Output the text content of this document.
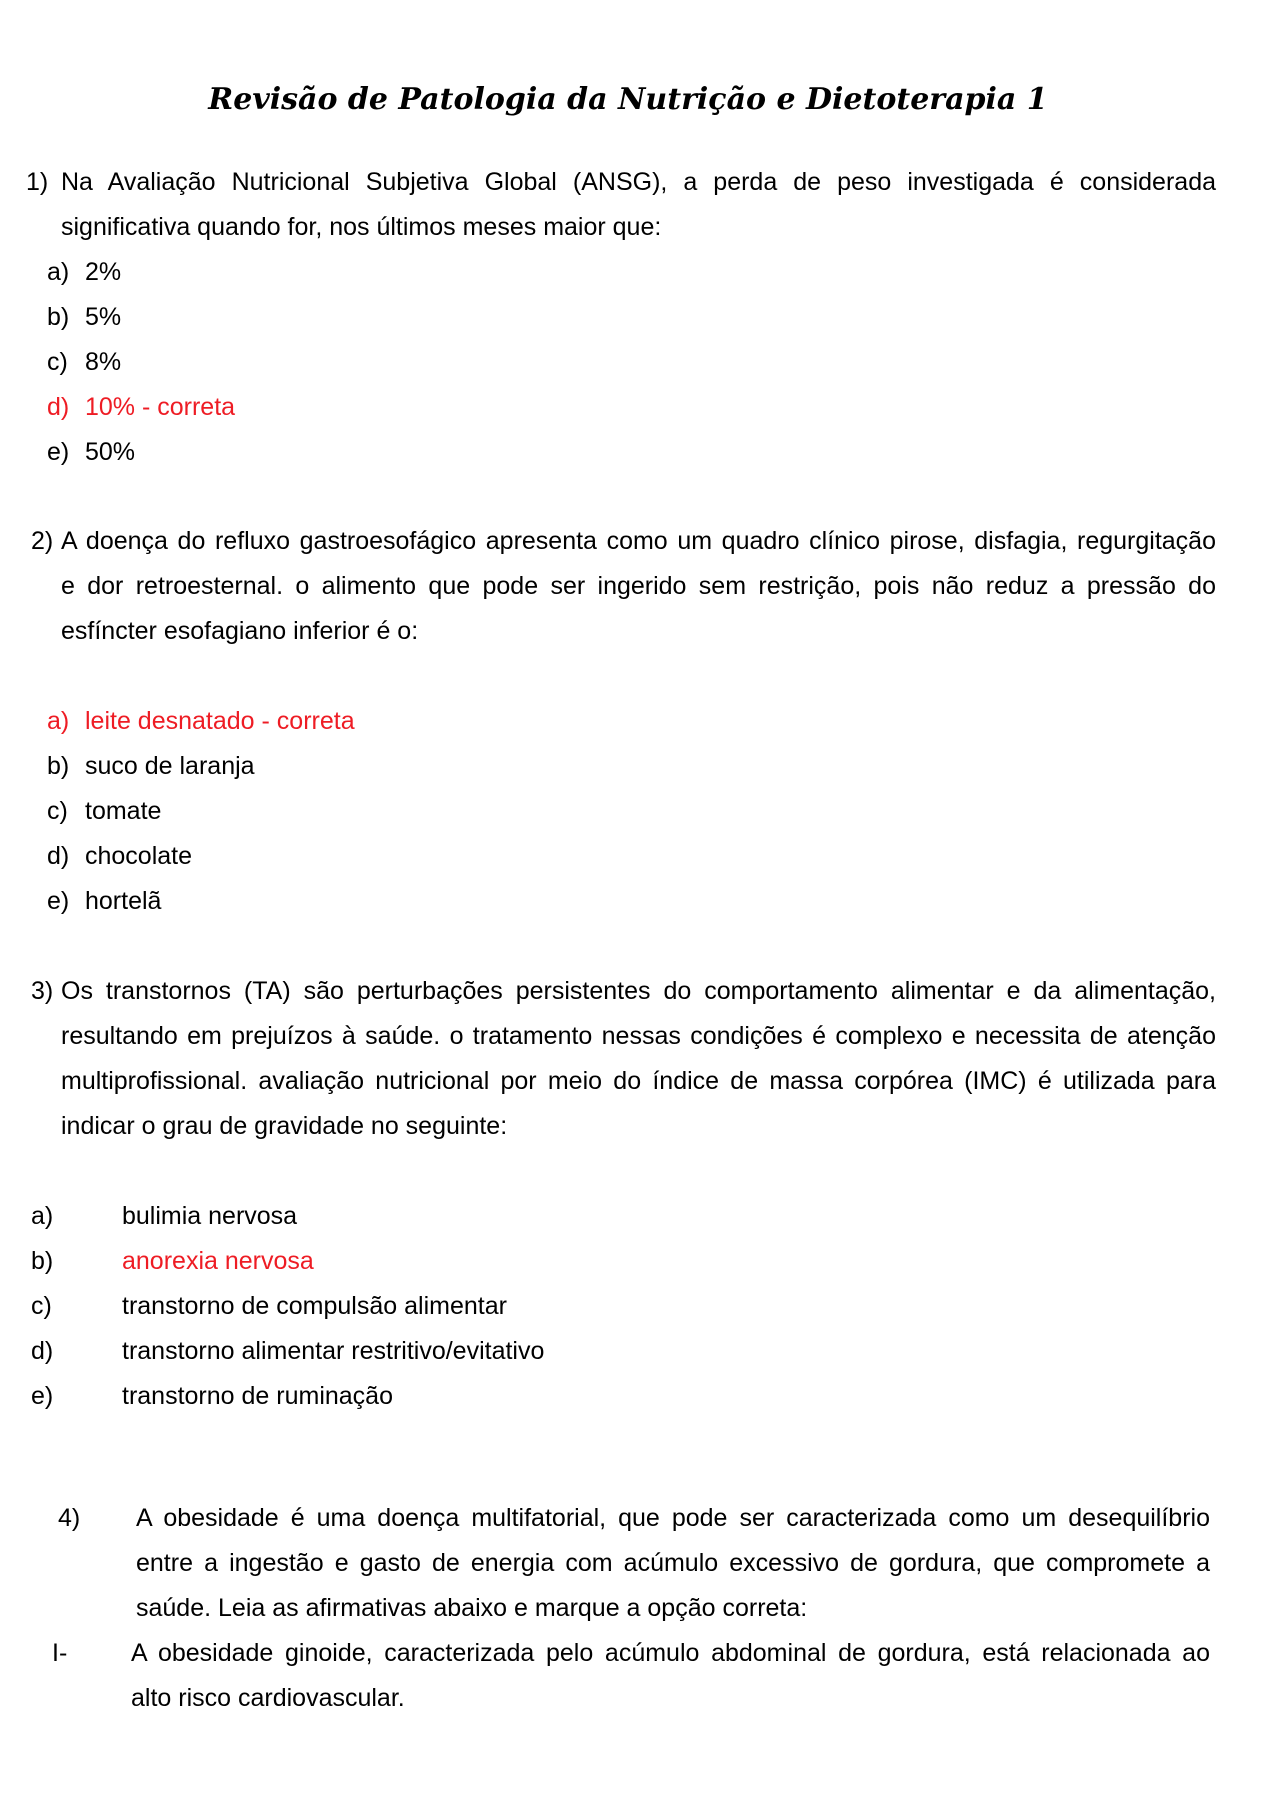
Revisão de Patologia da Nutrição e Dietoterapia 1
1) Na Avaliação Nutricional Subjetiva Global (ANSG), a perda de peso investigada é considerada
significativa quando for, nos últimos meses maior que:
a) 2%
b) 5%
c) 8%
d) 10% - correta
e) 50%
2) A doença do refluxo gastroesofágico apresenta como um quadro clínico pirose, disfagia, regurgitação
e dor retroesternal. o alimento que pode ser ingerido sem restrição, pois não reduz a pressão do
esfíncter esofagiano inferior é o:
a) leite desnatado - correta
b) suco de laranja
c) tomate
d) chocolate
e) hortelã
3) Os transtornos (TA) são perturbações persistentes do comportamento alimentar e da alimentação,
resultando em prejuízos à saúde. o tratamento nessas condições é complexo e necessita de atenção
multiprofissional. avaliação nutricional por meio do índice de massa corpórea (IMC) é utilizada para
indicar o grau de gravidade no seguinte:
a)	bulimia nervosa
b)	anorexia nervosa
c)	transtorno de compulsão alimentar
d)	transtorno alimentar restritivo/evitativo
e)	transtorno de ruminação
4) A obesidade é uma doença multifatorial, que pode ser caracterizada como um desequilíbrio
entre a ingestão e gasto de energia com acúmulo excessivo de gordura, que compromete a
saúde. Leia as afirmativas abaixo e marque a opção correta:
I-	A obesidade ginoide, caracterizada pelo acúmulo abdominal de gordura, está relacionada ao
alto risco cardiovascular.
